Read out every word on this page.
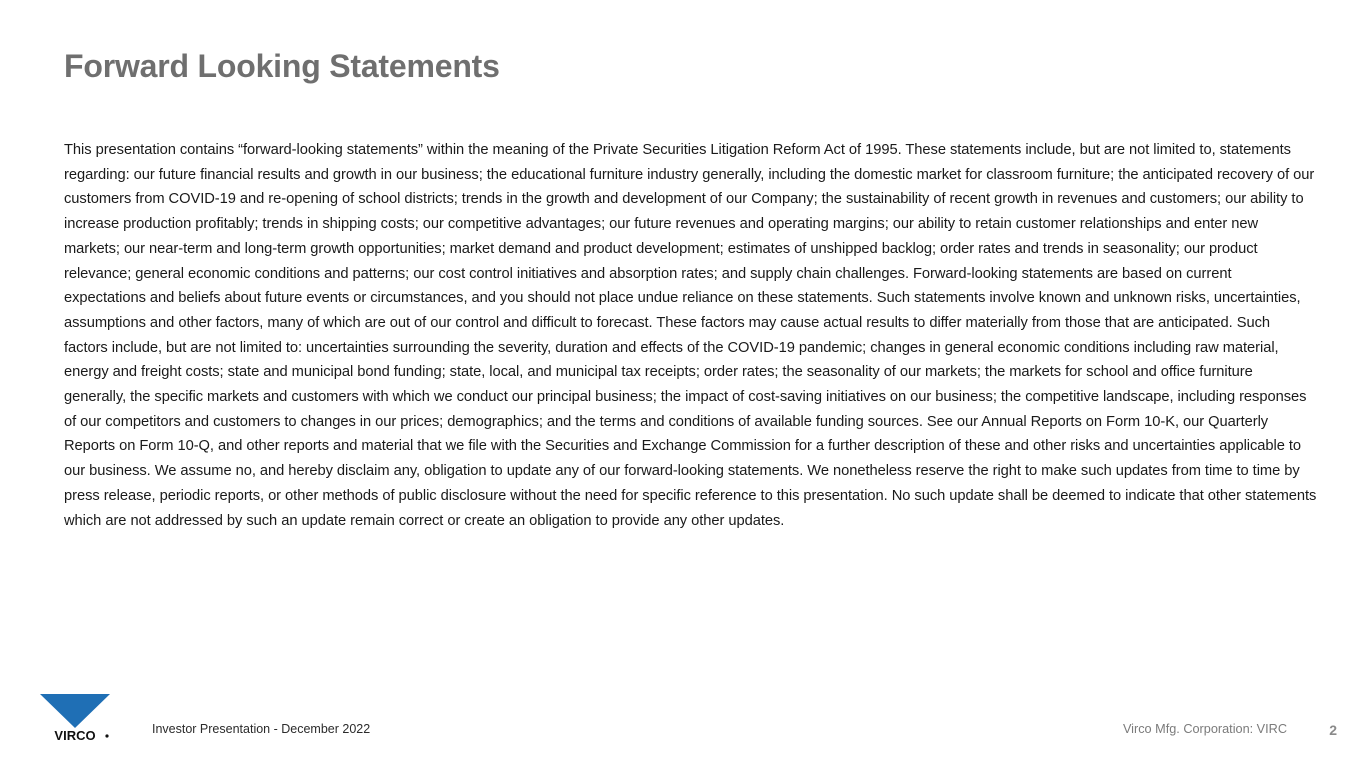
Forward Looking Statements
This presentation contains “forward-looking statements” within the meaning of the Private Securities Litigation Reform Act of 1995. These statements include, but are not limited to, statements regarding: our future financial results and growth in our business; the educational furniture industry generally, including the domestic market for classroom furniture; the anticipated recovery of our customers from COVID-19 and re-opening of school districts; trends in the growth and development of our Company; the sustainability of recent growth in revenues and customers; our ability to increase production profitably; trends in shipping costs; our competitive advantages; our future revenues and operating margins; our ability to retain customer relationships and enter new markets; our near-term and long-term growth opportunities; market demand and product development; estimates of unshipped backlog; order rates and trends in seasonality; our product relevance; general economic conditions and patterns; our cost control initiatives and absorption rates; and supply chain challenges. Forward-looking statements are based on current expectations and beliefs about future events or circumstances, and you should not place undue reliance on these statements. Such statements involve known and unknown risks, uncertainties, assumptions and other factors, many of which are out of our control and difficult to forecast. These factors may cause actual results to differ materially from those that are anticipated. Such factors include, but are not limited to: uncertainties surrounding the severity, duration and effects of the COVID-19 pandemic; changes in general economic conditions including raw material, energy and freight costs; state and municipal bond funding; state, local, and municipal tax receipts; order rates; the seasonality of our markets; the markets for school and office furniture generally, the specific markets and customers with which we conduct our principal business; the impact of cost-saving initiatives on our business; the competitive landscape, including responses of our competitors and customers to changes in our prices; demographics; and the terms and conditions of available funding sources. See our Annual Reports on Form 10-K, our Quarterly Reports on Form 10-Q, and other reports and material that we file with the Securities and Exchange Commission for a further description of these and other risks and uncertainties applicable to our business. We assume no, and hereby disclaim any, obligation to update any of our forward-looking statements. We nonetheless reserve the right to make such updates from time to time by press release, periodic reports, or other methods of public disclosure without the need for specific reference to this presentation. No such update shall be deemed to indicate that other statements which are not addressed by such an update remain correct or create an obligation to provide any other updates.
VIRCO	Investor Presentation - December 2022	Virco Mfg. Corporation: VIRC	2
